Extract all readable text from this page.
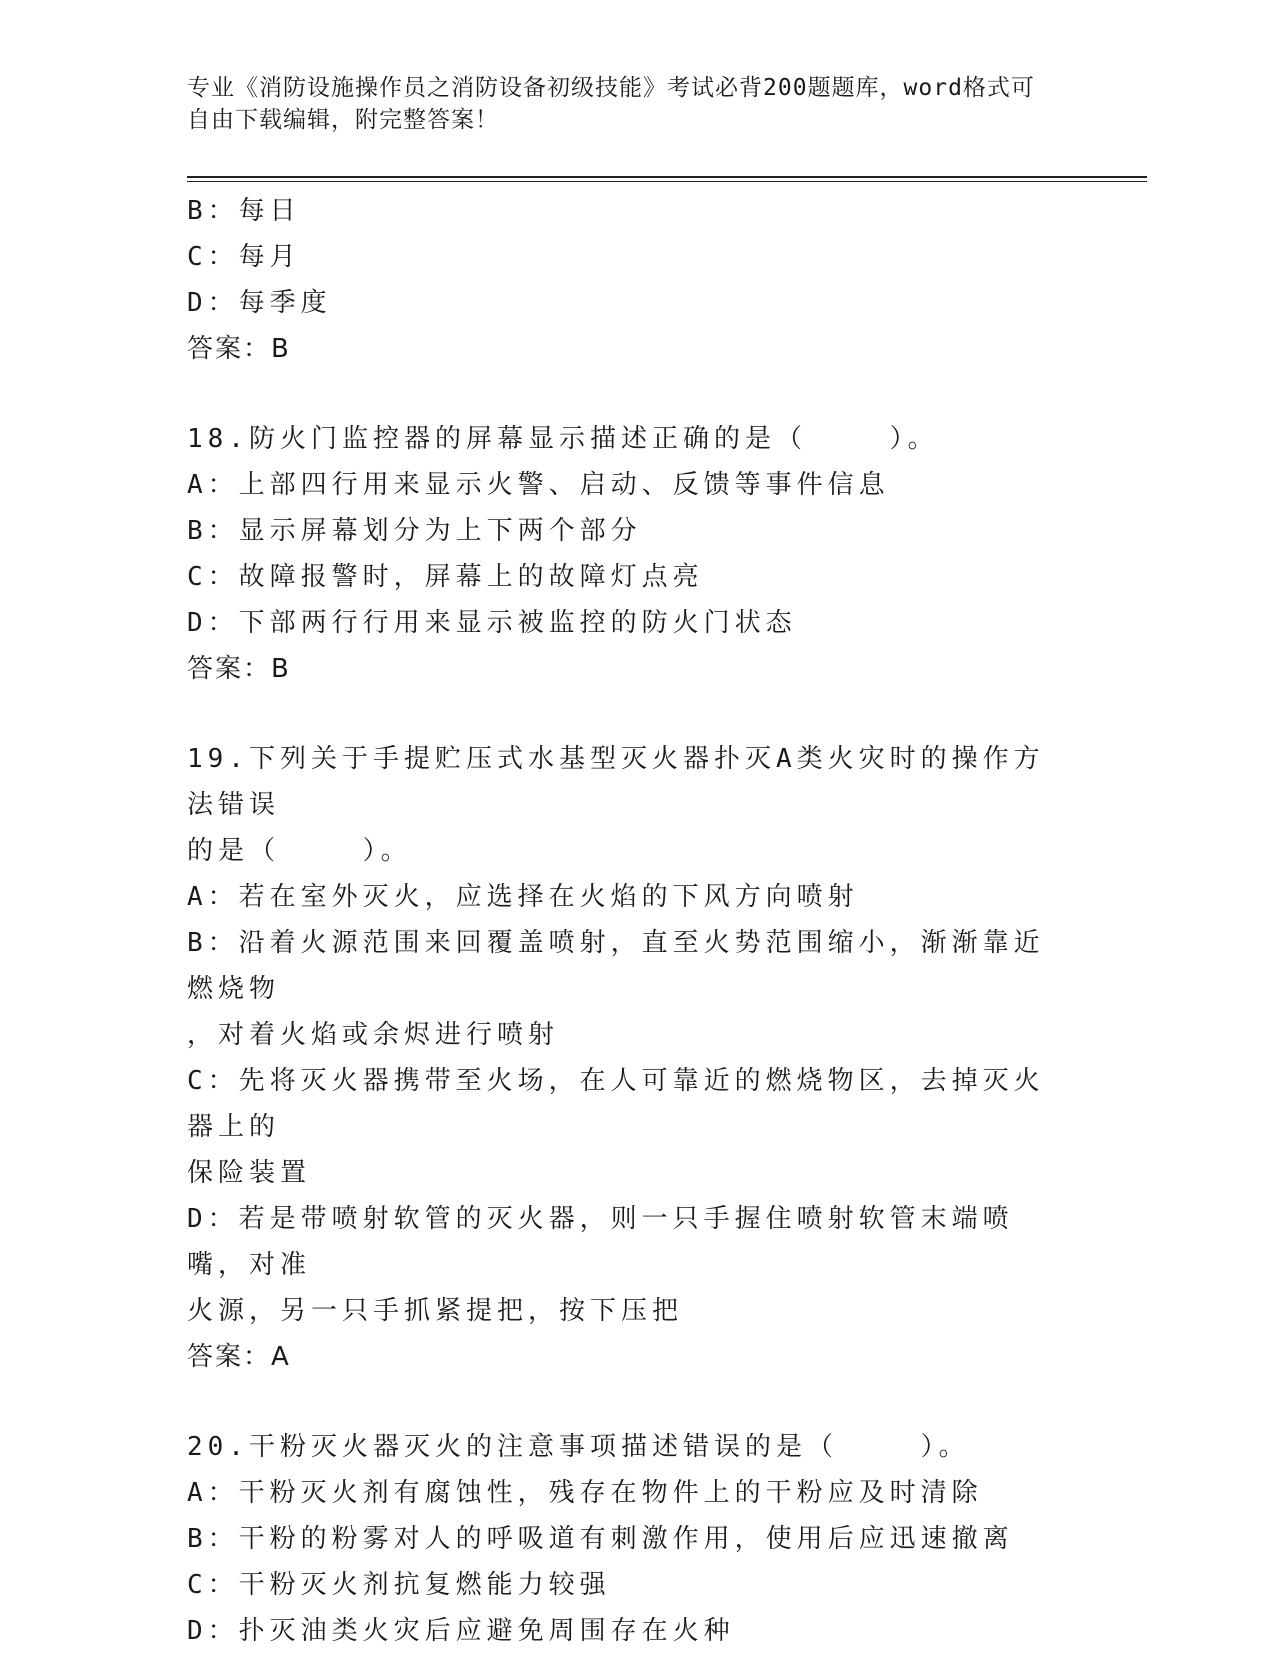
专业《消防设施操作员之消防设备初级技能》考试必背200题题库，word格式可
自由下载编辑，附完整答案！
B：每日
C：每月
D：每季度
答案：B
18.防火门监控器的屏幕显示描述正确的是（    ）。
A：上部四行用来显示火警、启动、反馈等事件信息
B：显示屏幕划分为上下两个部分
C：故障报警时，屏幕上的故障灯点亮
D：下部两行行用来显示被监控的防火门状态
答案：B
19.下列关于手提贮压式水基型灭火器扑灭A类火灾时的操作方法错误
的是（    ）。
A：若在室外灭火，应选择在火焰的下风方向喷射
B：沿着火源范围来回覆盖喷射，直至火势范围缩小，渐渐靠近燃烧物
，对着火焰或余烬进行喷射
C：先将灭火器携带至火场，在人可靠近的燃烧物区，去掉灭火器上的
保险装置
D：若是带喷射软管的灭火器，则一只手握住喷射软管末端喷嘴，对准
火源，另一只手抓紧提把，按下压把
答案：A
20.干粉灭火器灭火的注意事项描述错误的是（    ）。
A：干粉灭火剂有腐蚀性，残存在物件上的干粉应及时清除
B：干粉的粉雾对人的呼吸道有刺激作用，使用后应迅速撤离
C：干粉灭火剂抗复燃能力较强
D：扑灭油类火灾后应避免周围存在火种
